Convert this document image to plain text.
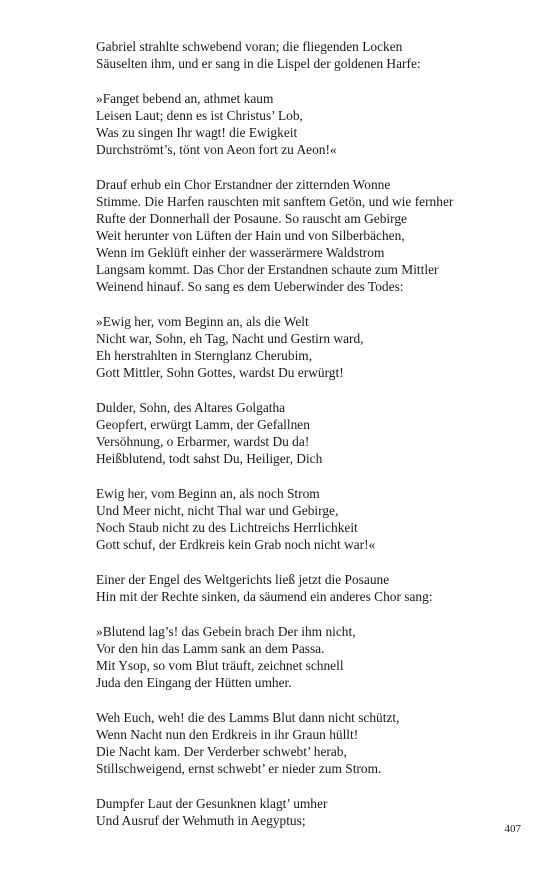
Gabriel strahlte schwebend voran; die fliegenden Locken
Säuselten ihm, und er sang in die Lispel der goldenen Harfe:
»Fanget bebend an, athmet kaum
Leisen Laut; denn es ist Christus’ Lob,
Was zu singen Ihr wagt! die Ewigkeit
Durchströmt’s, tönt von Aeon fort zu Aeon!«
Drauf erhub ein Chor Erstandner der zitternden Wonne
Stimme. Die Harfen rauschten mit sanftem Getön, und wie fernher
Rufte der Donnerhall der Posaune. So rauscht am Gebirge
Weit herunter von Lüften der Hain und von Silberbächen,
Wenn im Geklüft einher der wasserärmere Waldstrom
Langsam kommt. Das Chor der Erstandnen schaute zum Mittler
Weinend hinauf. So sang es dem Ueberwinder des Todes:
»Ewig her, vom Beginn an, als die Welt
Nicht war, Sohn, eh Tag, Nacht und Gestirn ward,
Eh herstrahlten in Sternglanz Cherubim,
Gott Mittler, Sohn Gottes, wardst Du erwürgt!
Dulder, Sohn, des Altares Golgatha
Geopfert, erwürgt Lamm, der Gefallnen
Versöhnung, o Erbarmer, wardst Du da!
Heißblutend, todt sahst Du, Heiliger, Dich
Ewig her, vom Beginn an, als noch Strom
Und Meer nicht, nicht Thal war und Gebirge,
Noch Staub nicht zu des Lichtreichs Herrlichkeit
Gott schuf, der Erdkreis kein Grab noch nicht war!«
Einer der Engel des Weltgerichts ließ jetzt die Posaune
Hin mit der Rechte sinken, da säumend ein anderes Chor sang:
»Blutend lag’s! das Gebein brach Der ihm nicht,
Vor den hin das Lamm sank an dem Passa.
Mit Ysop, so vom Blut träuft, zeichnet schnell
Juda den Eingang der Hütten umher.
Weh Euch, weh! die des Lamms Blut dann nicht schützt,
Wenn Nacht nun den Erdkreis in ihr Graun hüllt!
Die Nacht kam. Der Verderber schwebt’ herab,
Stillschweigend, ernst schwebt’ er nieder zum Strom.
Dumpfer Laut der Gesunknen klagt’ umher
Und Ausruf der Wehmuth in Aegyptus;
407
